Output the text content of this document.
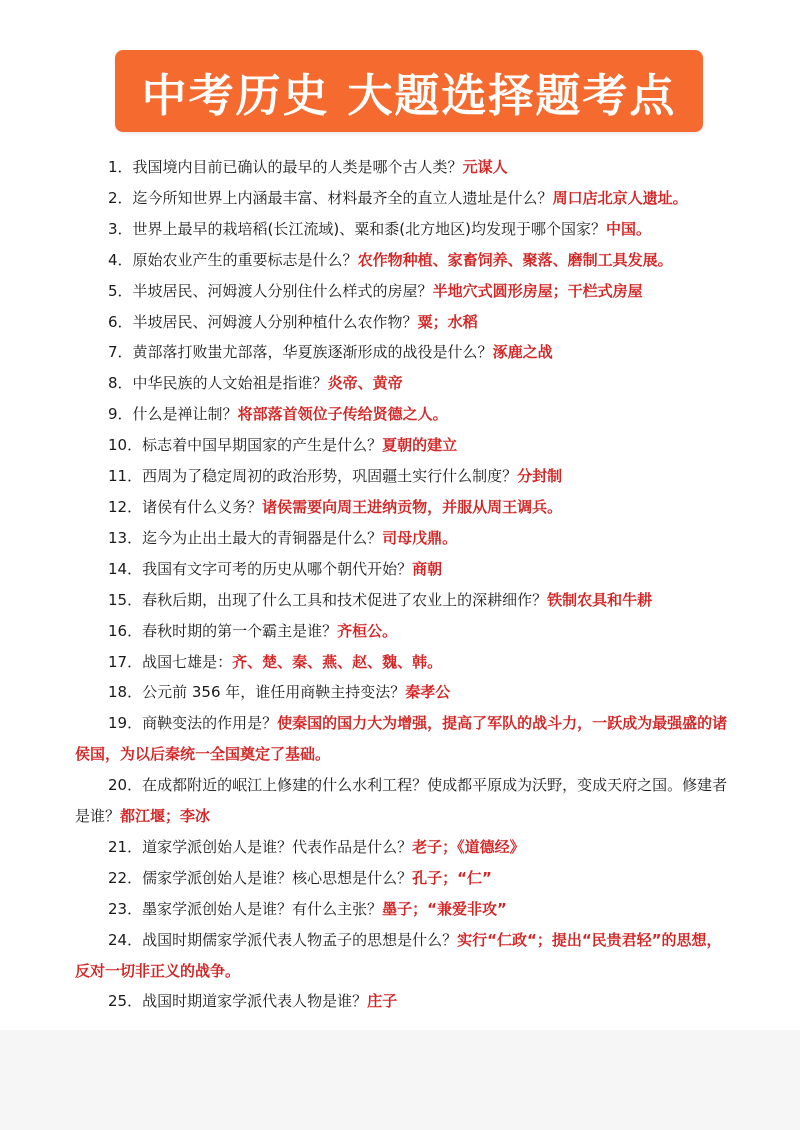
中考历史 大题选择题考点

1．我国境内目前已确认的最早的人类是哪个古人类？元谋人

2．迄今所知世界上内涵最丰富、材料最齐全的直立人遗址是什么？周口店北京人遗址。

3．世界上最早的栽培稻(长江流域)、粟和黍(北方地区)均发现于哪个国家？中国。

4．原始农业产生的重要标志是什么？农作物种植、家畜饲养、聚落、磨制工具发展。

5．半坡居民、河姆渡人分别住什么样式的房屋？半地穴式圆形房屋；干栏式房屋

6．半坡居民、河姆渡人分别种植什么农作物？粟；水稻

7．黄部落打败蚩尤部落，华夏族逐渐形成的战役是什么？涿鹿之战

8．中华民族的人文始祖是指谁？炎帝、黄帝

9．什么是禅让制？将部落首领位子传给贤德之人。

10．标志着中国早期国家的产生是什么？夏朝的建立

11．西周为了稳定周初的政治形势，巩固疆土实行什么制度？分封制

12．诸侯有什么义务？诸侯需要向周王进纳贡物，并服从周王调兵。

13．迄今为止出土最大的青铜器是什么？司母戊鼎。

14．我国有文字可考的历史从哪个朝代开始？商朝

15．春秋后期，出现了什么工具和技术促进了农业上的深耕细作？铁制农具和牛耕

16．春秋时期的第一个霸主是谁？齐桓公。

17．战国七雄是：齐、楚、秦、燕、赵、魏、韩。

18．公元前 356 年，谁任用商鞅主持变法？秦孝公

19．商鞅变法的作用是？使秦国的国力大为增强，提高了军队的战斗力，一跃成为最强盛的诸侯国，为以后秦统一全国奠定了基础。

20．在成都附近的岷江上修建的什么水利工程？使成都平原成为沃野，变成天府之国。修建者是谁？都江堰；李冰

21．道家学派创始人是谁？代表作品是什么？老子；《道德经》

22．儒家学派创始人是谁？核心思想是什么？孔子；“仁”

23．墨家学派创始人是谁？有什么主张？墨子；“兼爱非攻”

24．战国时期儒家学派代表人物孟子的思想是什么？实行“仁政“；提出“民贵君轻”的思想，反对一切非正义的战争。

25．战国时期道家学派代表人物是谁？庄子
